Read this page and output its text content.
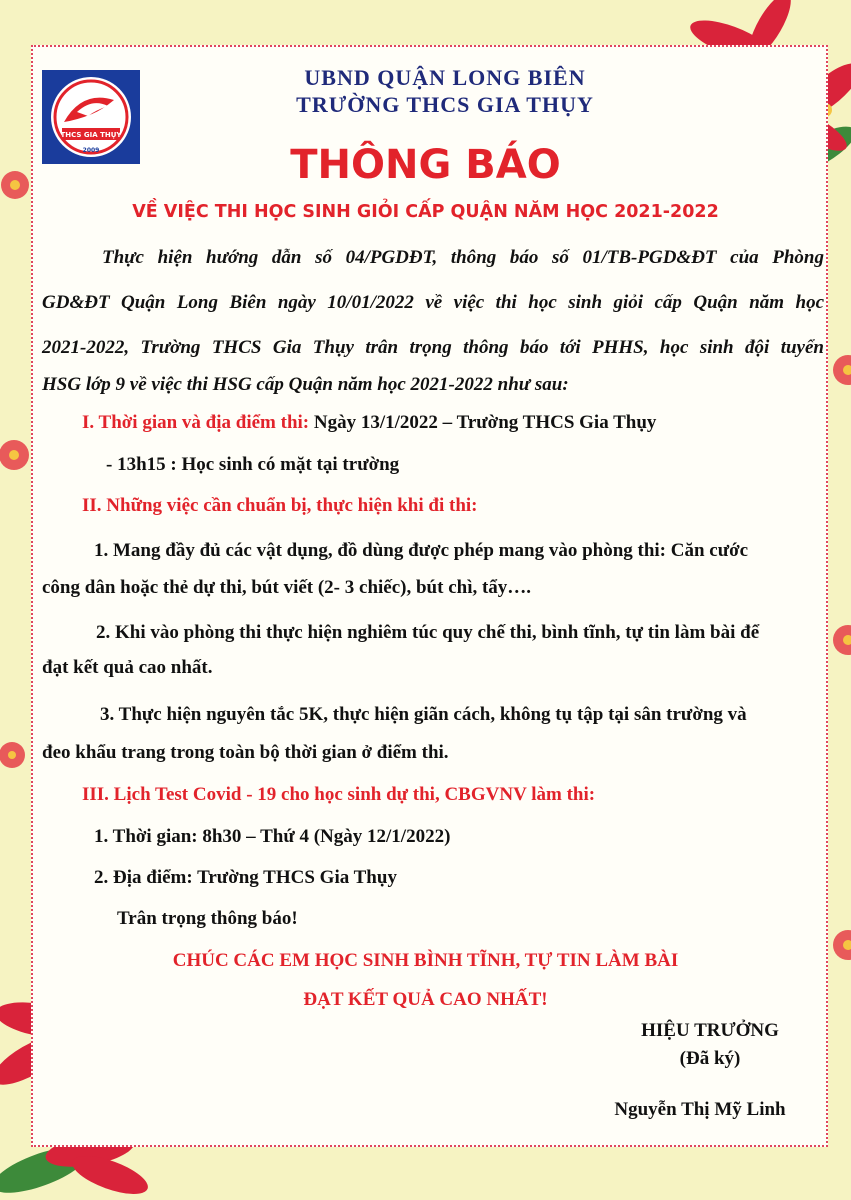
THCS GIA THỤY
2009
UBND QUẬN LONG BIÊN
TRƯỜNG THCS GIA THỤY
THÔNG BÁO
VỀ VIỆC THI HỌC SINH GIỎI CẤP QUẬN NĂM HỌC 2021-2022
Thực hiện hướng dẫn số 04/PGDĐT, thông báo số 01/TB-PGD&ĐT của Phòng
GD&ĐT Quận Long Biên ngày 10/01/2022 về việc thi học sinh giỏi cấp Quận năm học
2021-2022, Trường THCS Gia Thụy trân trọng thông báo tới PHHS, học sinh đội tuyển
HSG lớp 9 về việc thi HSG cấp Quận năm học 2021-2022 như sau:
I. Thời gian và địa điểm thi: Ngày 13/1/2022 – Trường THCS Gia Thụy
- 13h15 : Học sinh có mặt tại trường
II. Những việc cần chuẩn bị, thực hiện khi đi thi:
1. Mang đầy đủ các vật dụng, đồ dùng được phép mang vào phòng thi: Căn cước
công dân hoặc thẻ dự thi, bút viết (2- 3 chiếc), bút chì, tẩy….
2. Khi vào phòng thi thực hiện nghiêm túc quy chế thi, bình tĩnh, tự tin làm bài để
đạt kết quả cao nhất.
3. Thực hiện nguyên tắc 5K, thực hiện giãn cách, không tụ tập tại sân trường và
đeo khẩu trang trong toàn bộ thời gian ở điểm thi.
III. Lịch Test Covid - 19 cho học sinh dự thi, CBGVNV làm thi:
1. Thời gian: 8h30 – Thứ 4 (Ngày 12/1/2022)
2. Địa điểm: Trường THCS Gia Thụy
Trân trọng thông báo!
CHÚC CÁC EM HỌC SINH BÌNH TĨNH, TỰ TIN LÀM BÀI
ĐẠT KẾT QUẢ CAO NHẤT!
HIỆU TRƯỞNG
(Đã ký)
Nguyễn Thị Mỹ Linh
